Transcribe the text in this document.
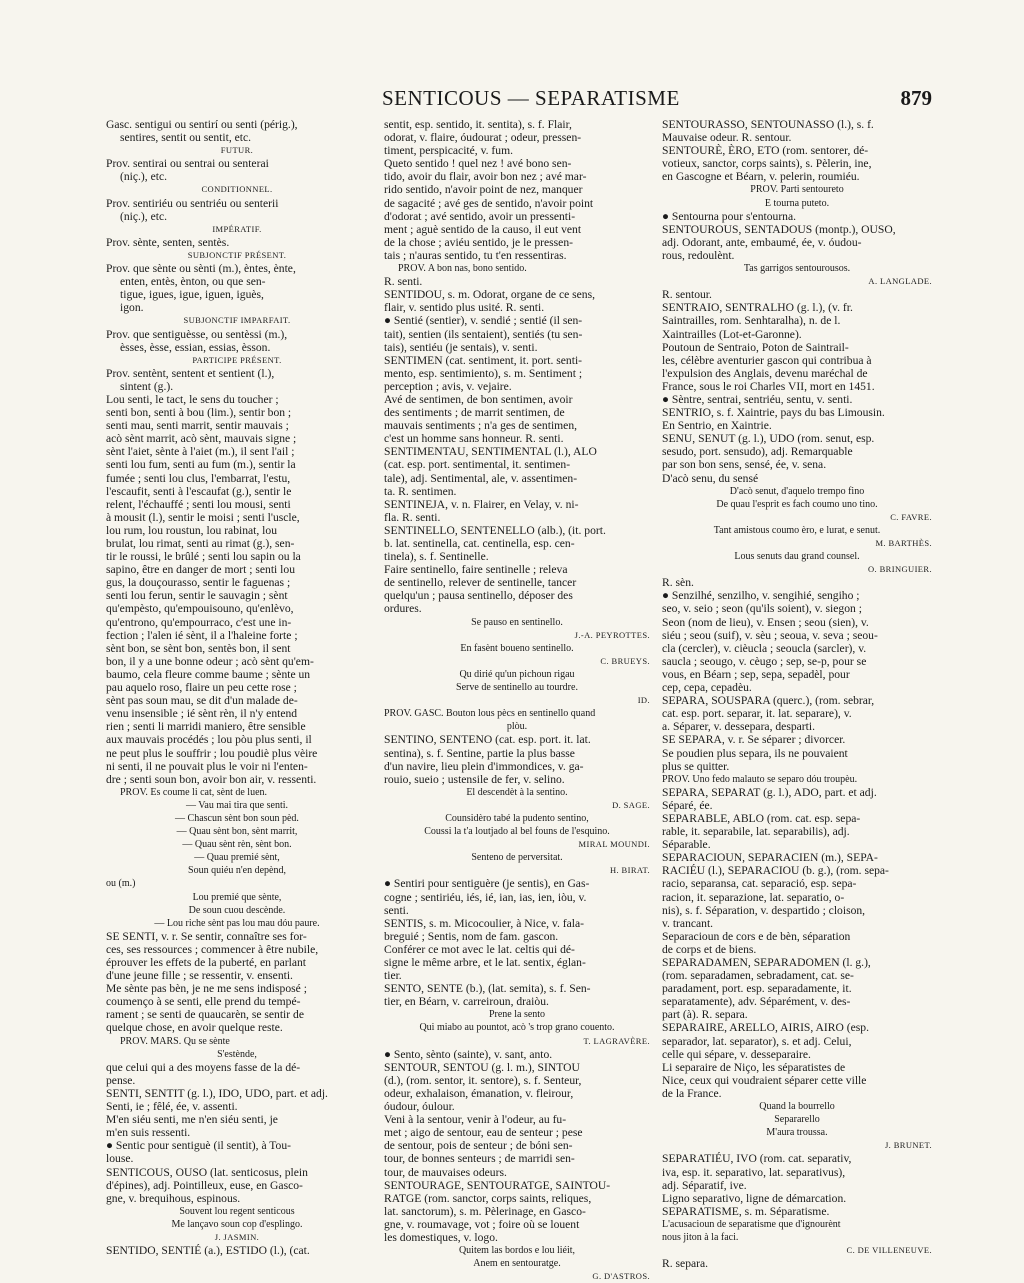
SENTICOUS — SEPARATISME	879
Gasc. sentigui ou sentirí ou senti (périg.),
sentires, sentit ou sentit, etc.
FUTUR.
Prov. sentirai ou sentrai ou senterai
(niç.), etc.
CONDITIONNEL.
Prov. sentiriéu ou sentriéu ou senterii
(niç.), etc.
IMPÉRATIF.
Prov. sènte, senten, sentès.
SUBJONCTIF PRÉSENT.
Prov. que sènte ou sènti (m.), èntes, ènte,
enten, entès, ènton, ou que sen-
tigue, igues, igue, iguen, iguès,
igon.
SUBJONCTIF IMPARFAIT.
Prov. que sentiguèsse, ou sentèssi (m.),
èsses, èsse, essian, essias, èsson.
PARTICIPE PRÉSENT.
Prov. sentènt, sentent et sentient (l.),
sintent (g.).
Lou senti, le tact, le sens du toucher ;
senti bon, senti à bou (lim.), sentir bon ;
senti mau, senti marrit, sentir mauvais ;
acò sènt marrit, acò sènt, mauvais signe ;
sènt l'aiet, sènte à l'aiet (m.), il sent l'ail ;
senti lou fum, senti au fum (m.), sentir la
fumée ; senti lou clus, l'embarrat, l'estu,
l'escaufit, senti à l'escaufat (g.), sentir le
relent, l'échauffé ; senti lou mousi, senti
à mousit (l.), sentir le moisi ; senti l'uscle,
lou rum, lou roustun, lou rabinat, lou
brulat, lou rimat, senti au rimat (g.), sen-
tir le roussi, le brûlé ; senti lou sapin ou la
sapino, être en danger de mort ; senti lou
gus, la douçourasso, sentir le faguenas ;
senti lou ferun, sentir le sauvagin ; sènt
qu'empèsto, qu'empouisouno, qu'enlèvo,
qu'entrono, qu'empourraco, c'est une in-
fection ; l'alen ié sènt, il a l'haleine forte ;
sènt bon, se sènt bon, sentès bon, il sent
bon, il y a une bonne odeur ; acò sènt qu'em-
baumo, cela fleure comme baume ; sènte un
pau aquelo roso, flaire un peu cette rose ;
sènt pas soun mau, se dit d'un malade de-
venu insensible ; ié sènt rèn, il n'y entend
rien ; senti li marridi maniero, être sensible
aux mauvais procédés ; lou pòu plus senti, il
ne peut plus le souffrir ; lou poudiè plus vèire
ni senti, il ne pouvait plus le voir ni l'enten-
dre ; senti soun bon, avoir bon air, v. ressenti.
PROV. Es coume li cat, sènt de luen.
— Vau mai tira que senti.
— Chascun sènt bon soun pèd.
— Quau sènt bon, sènt marrit,
— Quau sènt rèn, sènt bon.
— Quau premié sènt,
Soun quiéu n'en depènd,
ou (m.)
Lou premié que sènte,
De soun cuou descènde.
— Lou riche sènt pas lou mau dóu paure.
SE SENTI, v. r. Se sentir, connaître ses for-
ces, ses ressources ; commencer à être nubile,
éprouver les effets de la puberté, en parlant
d'une jeune fille ; se ressentir, v. ensenti.
Me sènte pas bèn, je ne me sens indisposé ;
coumenço à se senti, elle prend du tempé-
rament ; se senti de quaucarèn, se sentir de
quelque chose, en avoir quelque reste.
PROV. MARS. Qu se sènte
S'estènde,
que celui qui a des moyens fasse de la dé-
pense.
SENTI, SENTIT (g. l.), IDO, UDO, part. et adj.
Senti, ie ; fêlé, ée, v. assenti.
M'en siéu senti, me n'en siéu senti, je
m'en suis ressenti.
● Sentic pour sentiguè (il sentit), à Tou-
louse.
SENTICOUS, OUSO (lat. senticosus, plein
d'épines), adj. Pointilleux, euse, en Gasco-
gne, v. brequihous, espinous.
Souvent lou regent senticous
Me lançavo soun cop d'esplingo.
J. JASMIN.
SENTIDO, SENTIÉ (a.), ESTIDO (l.), (cat.
sentit, esp. sentido, it. sentita), s. f. Flair,
odorat, v. flaire, óudourat ; odeur, pressen-
timent, perspicacité, v. fum.
Queto sentido ! quel nez ! avé bono sen-
tido, avoir du flair, avoir bon nez ; avé mar-
rido sentido, n'avoir point de nez, manquer
de sagacité ; avé ges de sentido, n'avoir point
d'odorat ; avé sentido, avoir un pressenti-
ment ; aguè sentido de la causo, il eut vent
de la chose ; aviéu sentido, je le pressen-
tais ; n'auras sentido, tu t'en ressentiras.
PROV. A bon nas, bono sentido.
R. senti.
SENTIDOU, s. m. Odorat, organe de ce sens,
flair, v. sentido plus usité. R. senti.
● Sentié (sentier), v. sendié ; sentié (il sen-
tait), sentien (ils sentaient), sentiés (tu sen-
tais), sentiéu (je sentais), v. senti.
SENTIMEN (cat. sentiment, it. port. senti-
mento, esp. sentimiento), s. m. Sentiment ;
perception ; avis, v. vejaire.
Avé de sentimen, de bon sentimen, avoir
des sentiments ; de marrit sentimen, de
mauvais sentiments ; n'a ges de sentimen,
c'est un homme sans honneur. R. senti.
SENTIMENTAU, SENTIMENTAL (l.), ALO
(cat. esp. port. sentimental, it. sentimen-
tale), adj. Sentimental, ale, v. assentimen-
ta. R. sentimen.
SENTINEJA, v. n. Flairer, en Velay, v. ni-
fla. R. senti.
SENTINELLO, SENTENELLO (alb.), (it. port.
b. lat. sentinella, cat. centinella, esp. cen-
tinela), s. f. Sentinelle.
Faire sentinello, faire sentinelle ; releva
de sentinello, relever de sentinelle, tancer
quelqu'un ; pausa sentinello, déposer des
ordures.
Se pauso en sentinello.
J.-A. PEYROTTES.
En fasènt boueno sentinello.
C. BRUEYS.
Qu dirié qu'un pichoun rigau
Serve de sentinello au tourdre.
ID.
PROV. GASC. Bouton lous pècs en sentinello quand
plòu.
SENTINO, SENTENO (cat. esp. port. it. lat.
sentina), s. f. Sentine, partie la plus basse
d'un navire, lieu plein d'immondices, v. ga-
rouio, sueio ; ustensile de fer, v. selino.
El descendèt à la sentino.
D. SAGE.
Counsidèro tabé la pudento sentino,
Coussi la t'a loutjado al bel founs de l'esquino.
MIRAL MOUNDI.
Senteno de perversitat.
H. BIRAT.
● Sentiri pour sentiguère (je sentis), en Gas-
cogne ; sentiriéu, iés, ié, ian, ias, ien, iòu, v.
senti.
SENTIS, s. m. Micocoulier, à Nice, v. fala-
breguié ; Sentis, nom de fam. gascon.
Conférer ce mot avec le lat. celtis qui dé-
signe le même arbre, et le lat. sentix, églan-
tier.
SENTO, SENTE (b.), (lat. semita), s. f. Sen-
tier, en Béarn, v. carreiroun, draiòu.
Prene la sento
Qui miabo au pountot, acò 's trop grano couento.
T. LAGRAVÈRE.
● Sento, sènto (sainte), v. sant, anto.
SENTOUR, SENTOU (g. l. m.), SINTOU
(d.), (rom. sentor, it. sentore), s. f. Senteur,
odeur, exhalaison, émanation, v. fleirour,
óudour, óulour.
Veni à la sentour, venir à l'odeur, au fu-
met ; aigo de sentour, eau de senteur ; pese
de sentour, pois de senteur ; de bóni sen-
tour, de bonnes senteurs ; de marridi sen-
tour, de mauvaises odeurs.
SENTOURAGE, SENTOURATGE, SAINTOU-
RATGE (rom. sanctor, corps saints, reliques,
lat. sanctorum), s. m. Pèlerinage, en Gasco-
gne, v. roumavage, vot ; foire où se louent
les domestiques, v. logo.
Quitem las bordos e lou liéit,
Anem en sentouratge.
G. D'ASTROS.
SENTOURASSO, SENTOUNASSO (l.), s. f.
Mauvaise odeur. R. sentour.
SENTOURÈ, ÈRO, ETO (rom. sentorer, dé-
votieux, sanctor, corps saints), s. Pèlerin, ine,
en Gascogne et Béarn, v. pelerin, roumiéu.
PROV. Parti sentoureto
E tourna puteto.
● Sentourna pour s'entourna.
SENTOUROUS, SENTADOUS (montp.), OUSO,
adj. Odorant, ante, embaumé, ée, v. óudou-
rous, redoulènt.
Tas garrigos sentourousos.
A. LANGLADE.
R. sentour.
SENTRAIO, SENTRALHO (g. l.), (v. fr.
Saintrailles, rom. Senhtaralha), n. de l.
Xaintrailles (Lot-et-Garonne).
Poutoun de Sentraio, Poton de Saintrail-
les, célèbre aventurier gascon qui contribua à
l'expulsion des Anglais, devenu maréchal de
France, sous le roi Charles VII, mort en 1451.
● Sèntre, sentrai, sentriéu, sentu, v. senti.
SENTRIO, s. f. Xaintrie, pays du bas Limousin.
En Sentrio, en Xaintrie.
SENU, SENUT (g. l.), UDO (rom. senut, esp.
sesudo, port. sensudo), adj. Remarquable
par son bon sens, sensé, ée, v. sena.
D'acò senu, du sensé
D'acò senut, d'aquelo trempo fino
De quau l'esprit es fach coumo uno tino.
C. FAVRE.
Tant amistous coumo èro, e lurat, e senut.
M. BARTHÈS.
Lous senuts dau grand counsel.
O. BRINGUIER.
R. sèn.
● Senzilhé, senzilho, v. sengihié, sengiho ;
seo, v. seio ; seon (qu'ils soient), v. siegon ;
Seon (nom de lieu), v. Ensen ; seou (sien), v.
siéu ; seou (suif), v. sèu ; seoua, v. seva ; seou-
cla (cercler), v. cièucla ; seoucla (sarcler), v.
saucla ; seougo, v. cèugo ; sep, se-p, pour se
vous, en Béarn ; sep, sepa, sepadèl, pour
cep, cepa, cepadèu.
SEPARA, SOUSPARA (querc.), (rom. sebrar,
cat. esp. port. separar, it. lat. separare), v.
a. Séparer, v. dessepara, desparti.
SE SEPARA, v. r. Se séparer ; divorcer.
Se poudien plus separa, ils ne pouvaient
plus se quitter.
PROV. Uno fedo malauto se separo dóu troupèu.
SEPARA, SEPARAT (g. l.), ADO, part. et adj.
Séparé, ée.
SEPARABLE, ABLO (rom. cat. esp. sepa-
rable, it. separabile, lat. separabilis), adj.
Séparable.
SEPARACIOUN, SEPARACIEN (m.), SEPA-
RACIÉU (l.), SEPARACIOU (b. g.), (rom. sepa-
racio, separansa, cat. separació, esp. sepa-
racion, it. separazione, lat. separatio, o-
nis), s. f. Séparation, v. despartido ; cloison,
v. trancant.
Separacioun de cors e de bèn, séparation
de corps et de biens.
SEPARADAMEN, SEPARADOMEN (l. g.),
(rom. separadamen, sebradament, cat. se-
paradament, port. esp. separadamente, it.
separatamente), adv. Séparément, v. des-
part (à). R. separa.
SEPARAIRE, ARELLO, AIRIS, AIRO (esp.
separador, lat. separator), s. et adj. Celui,
celle qui sépare, v. desseparaire.
Li separaire de Niço, les séparatistes de
Nice, ceux qui voudraient séparer cette ville
de la France.
Quand la bourrello
Separarello
M'aura troussa.
J. BRUNET.
SEPARATIÉU, IVO (rom. cat. separativ,
iva, esp. it. separativo, lat. separativus),
adj. Séparatif, ive.
Ligno separativo, ligne de démarcation.
SEPARATISME, s. m. Séparatisme.
L'acusacioun de separatisme que d'ignourènt
nous jiton à la faci.
C. DE VILLENEUVE.
R. separa.
